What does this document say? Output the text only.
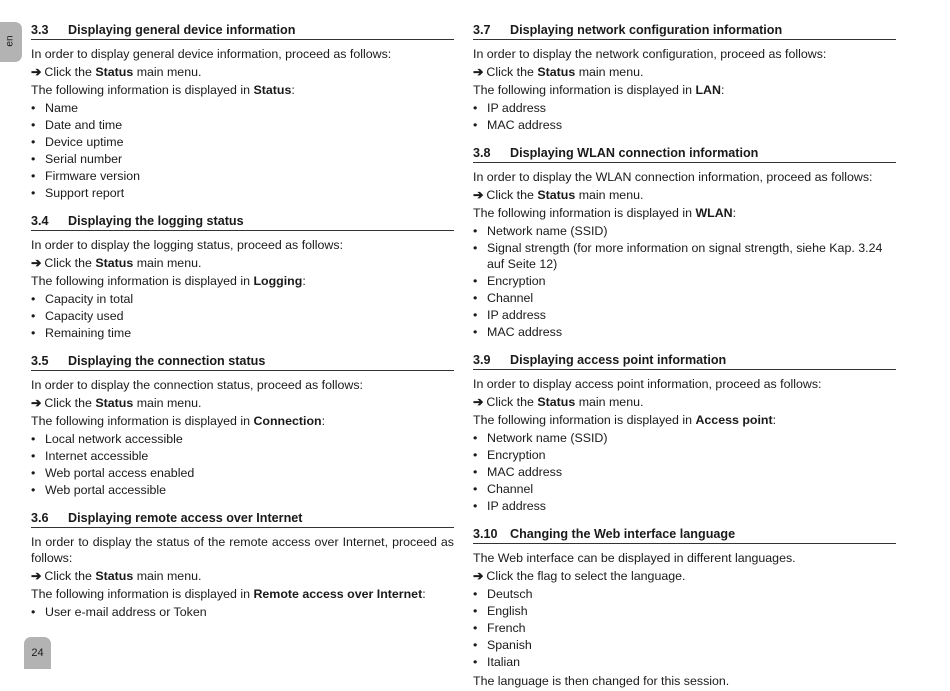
en
24
3.3 Displaying general device information

In order to display general device information, proceed as follows:

➔ Click the Status main menu.

The following information is displayed in Status:

• Name
• Date and time
• Device uptime
• Serial number
• Firmware version
• Support report
3.4 Displaying the logging status

In order to display the logging status, proceed as follows:

➔ Click the Status main menu.

The following information is displayed in Logging:

• Capacity in total
• Capacity used
• Remaining time
3.5 Displaying the connection status

In order to display the connection status, proceed as follows:

➔ Click the Status main menu.

The following information is displayed in Connection:

• Local network accessible
• Internet accessible
• Web portal access enabled
• Web portal accessible
3.6 Displaying remote access over Internet

In order to display the status of the remote access over Internet, proceed as follows:

➔ Click the Status main menu.

The following information is displayed in Remote access over Internet:

• User e-mail address or Token
3.7 Displaying network configuration information

In order to display the network configuration, proceed as follows:

➔ Click the Status main menu.

The following information is displayed in LAN:

• IP address
• MAC address
3.8 Displaying WLAN connection information

In order to display the WLAN connection information, proceed as follows:

➔ Click the Status main menu.

The following information is displayed in WLAN:

• Network name (SSID)
• Signal strength (for more information on signal strength, siehe Kap. 3.24 auf Seite 12)
• Encryption
• Channel
• IP address
• MAC address
3.9 Displaying access point information

In order to display access point information, proceed as follows:

➔ Click the Status main menu.

The following information is displayed in Access point:

• Network name (SSID)
• Encryption
• MAC address
• Channel
• IP address
3.10 Changing the Web interface language

The Web interface can be displayed in different languages.

➔ Click the flag to select the language.

• Deutsch
• English
• French
• Spanish
• Italian

The language is then changed for this session.
